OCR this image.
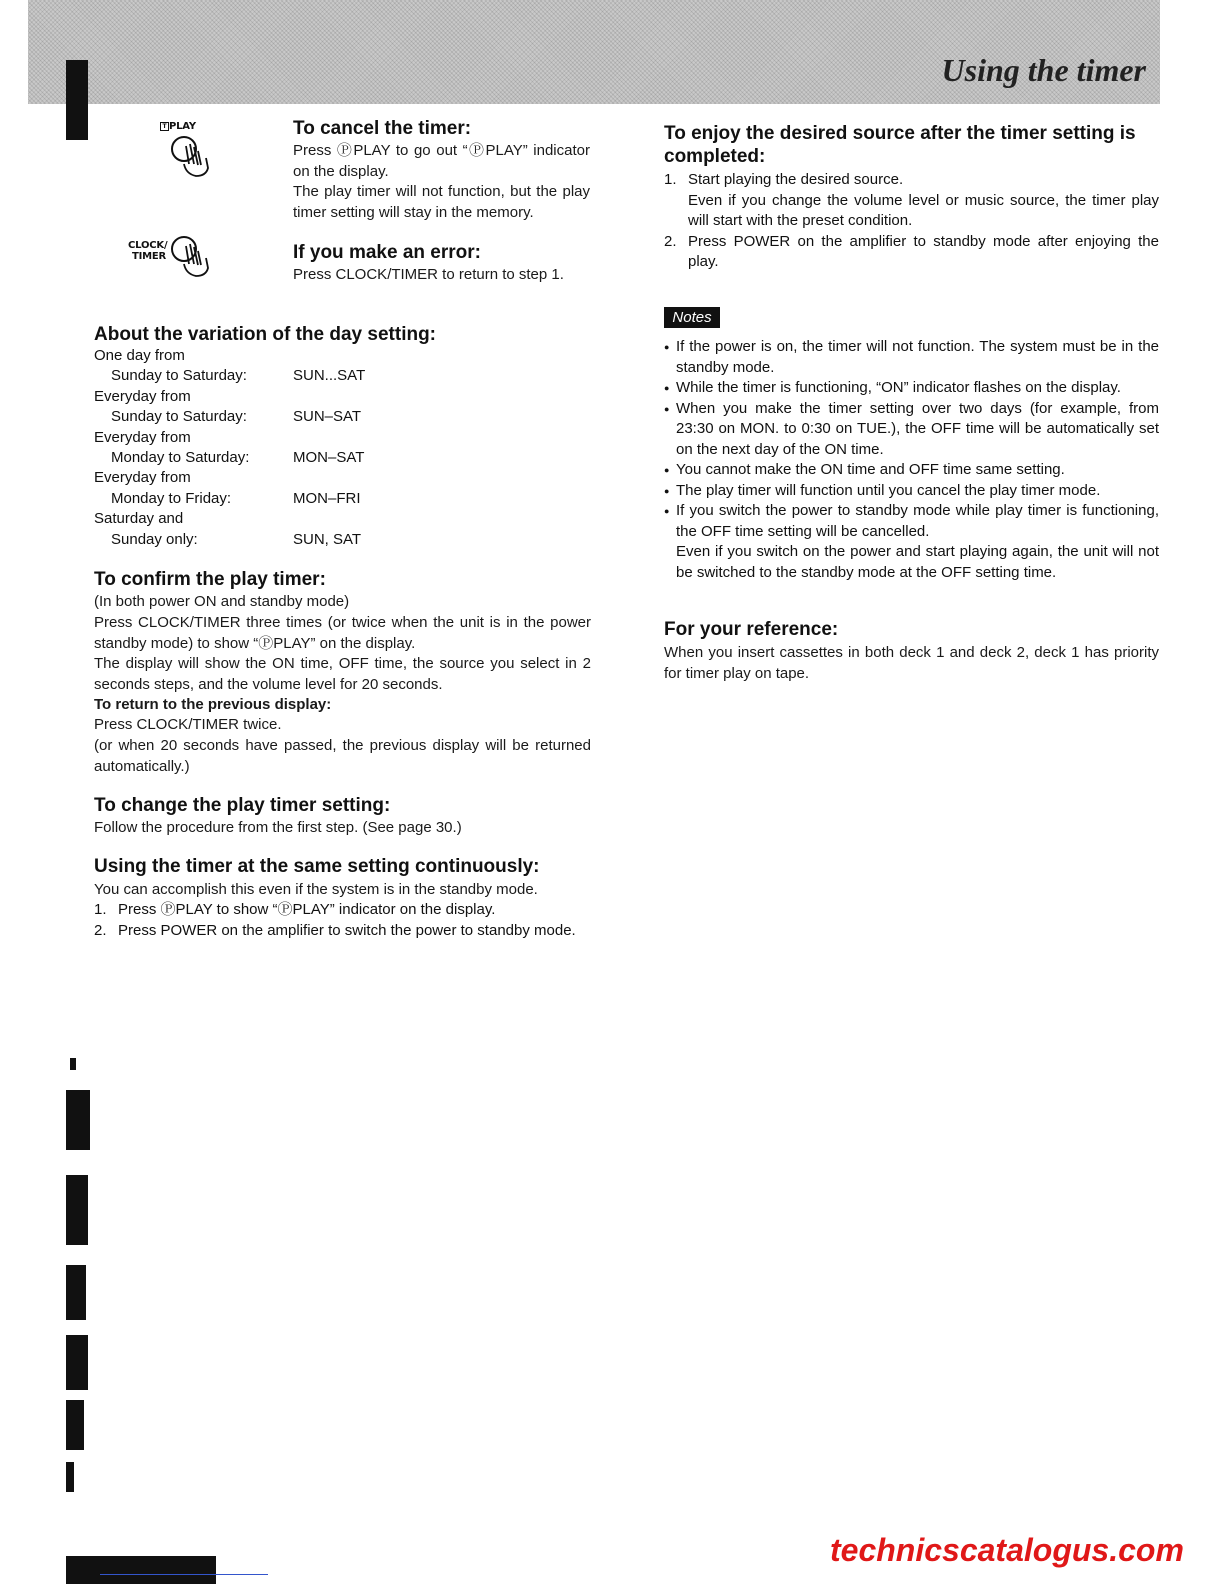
Using the timer
T PLAY
CLOCK/
TIMER
To cancel the timer:

Press ⓅPLAY to go out “ⓅPLAY” indicator on the display.

The play timer will not function, but the play timer setting will stay in the memory.

If you make an error:

Press CLOCK/TIMER to return to step 1.

About the variation of the day setting:
One day from
Sunday to Saturday:	SUN...SAT
Everyday from
Sunday to Saturday:	SUN–SAT
Everyday from
Monday to Saturday:	MON–SAT
Everyday from
Monday to Friday:	MON–FRI
Saturday and
Sunday only:	SUN, SAT
To confirm the play timer:

(In both power ON and standby mode)

Press CLOCK/TIMER three times (or twice when the unit is in the power standby mode) to show “ⓅPLAY” on the display.

The display will show the ON time, OFF time, the source you select in 2 seconds steps, and the volume level for 20 seconds.

To return to the previous display:

Press CLOCK/TIMER twice.

(or when 20 seconds have passed, the previous display will be returned automatically.)

To change the play timer setting:

Follow the procedure from the first step. (See page 30.)

Using the timer at the same setting continuously:

You can accomplish this even if the system is in the standby mode.

1. Press ⓅPLAY to show “ⓅPLAY” indicator on the display.
2. Press POWER on the amplifier to switch the power to standby mode.
To enjoy the desired source after the timer setting is completed:
1. Start playing the desired source.
Even if you change the volume level or music source, the timer play will start with the preset condition.
2. Press POWER on the amplifier to standby mode after enjoying the play.
Notes
● If the power is on, the timer will not function. The system must be in the standby mode.
● While the timer is functioning, “ON” indicator flashes on the display.
● When you make the timer setting over two days (for example, from 23:30 on MON. to 0:30 on TUE.), the OFF time will be automatically set on the next day of the ON time.
● You cannot make the ON time and OFF time same setting.
● The play timer will function until you cancel the play timer mode.
● If you switch the power to standby mode while play timer is functioning, the OFF time setting will be cancelled.
Even if you switch on the power and start playing again, the unit will not be switched to the standby mode at the OFF setting time.
For your reference:

When you insert cassettes in both deck 1 and deck 2, deck 1 has priority for timer play on tape.

technicscatalogus.com
